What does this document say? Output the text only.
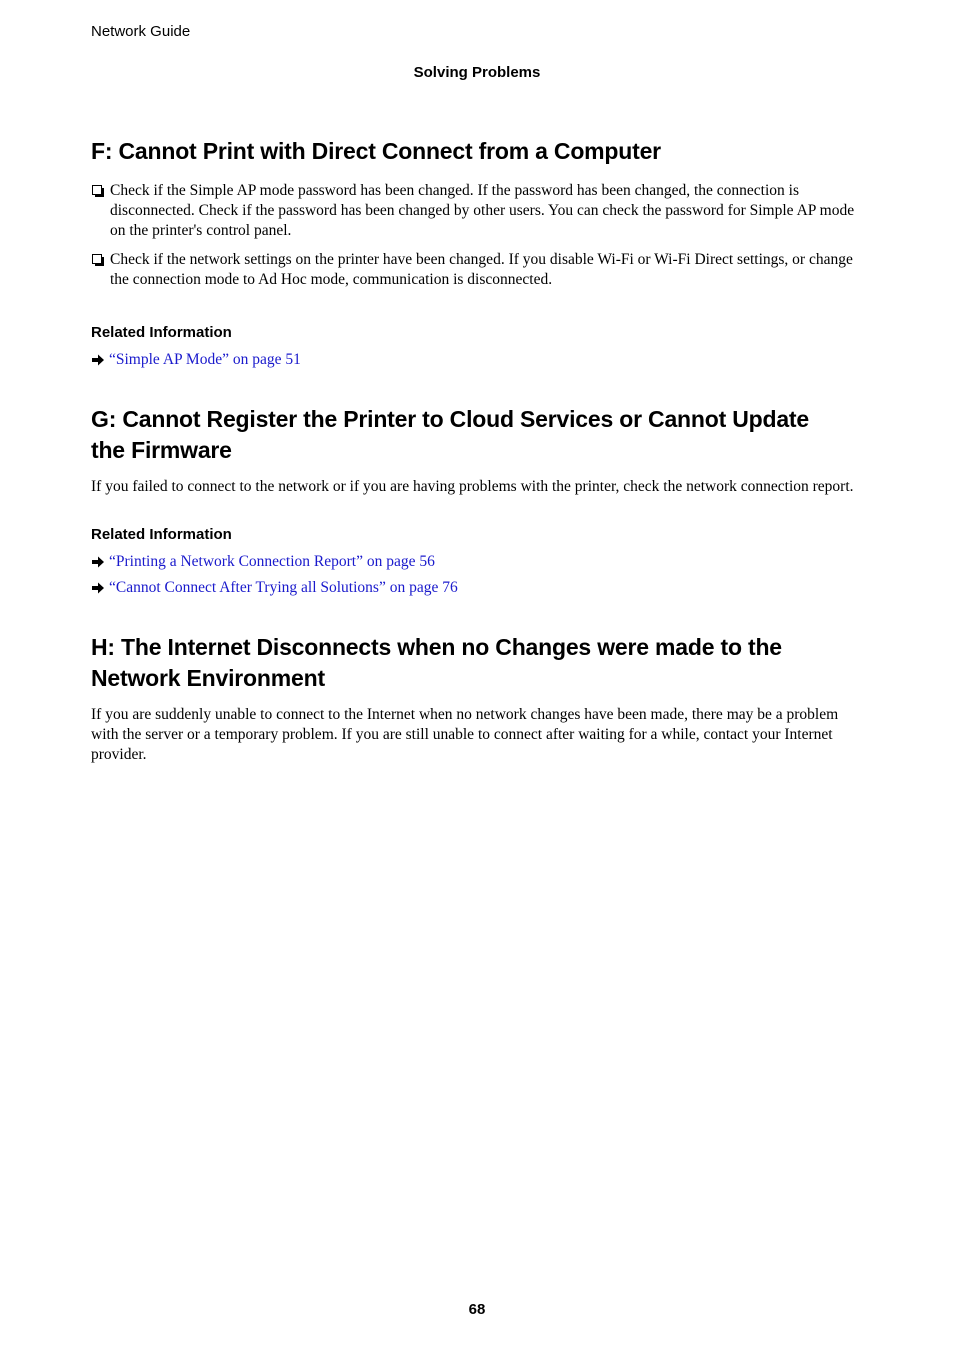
Network Guide
Solving Problems
F: Cannot Print with Direct Connect from a Computer
Check if the Simple AP mode password has been changed. If the password has been changed, the connection is disconnected. Check if the password has been changed by other users. You can check the password for Simple AP mode on the printer's control panel.
Check if the network settings on the printer have been changed. If you disable Wi-Fi or Wi-Fi Direct settings, or change the connection mode to Ad Hoc mode, communication is disconnected.
Related Information
“Simple AP Mode” on page 51
G: Cannot Register the Printer to Cloud Services or Cannot Update
the Firmware

If you failed to connect to the network or if you are having problems with the printer, check the network connection report.

Related Information
“Printing a Network Connection Report” on page 56
“Cannot Connect After Trying all Solutions” on page 76
H: The Internet Disconnects when no Changes were made to the
Network Environment

If you are suddenly unable to connect to the Internet when no network changes have been made, there may be a problem with the server or a temporary problem. If you are still unable to connect after waiting for a while, contact your Internet provider.

68
